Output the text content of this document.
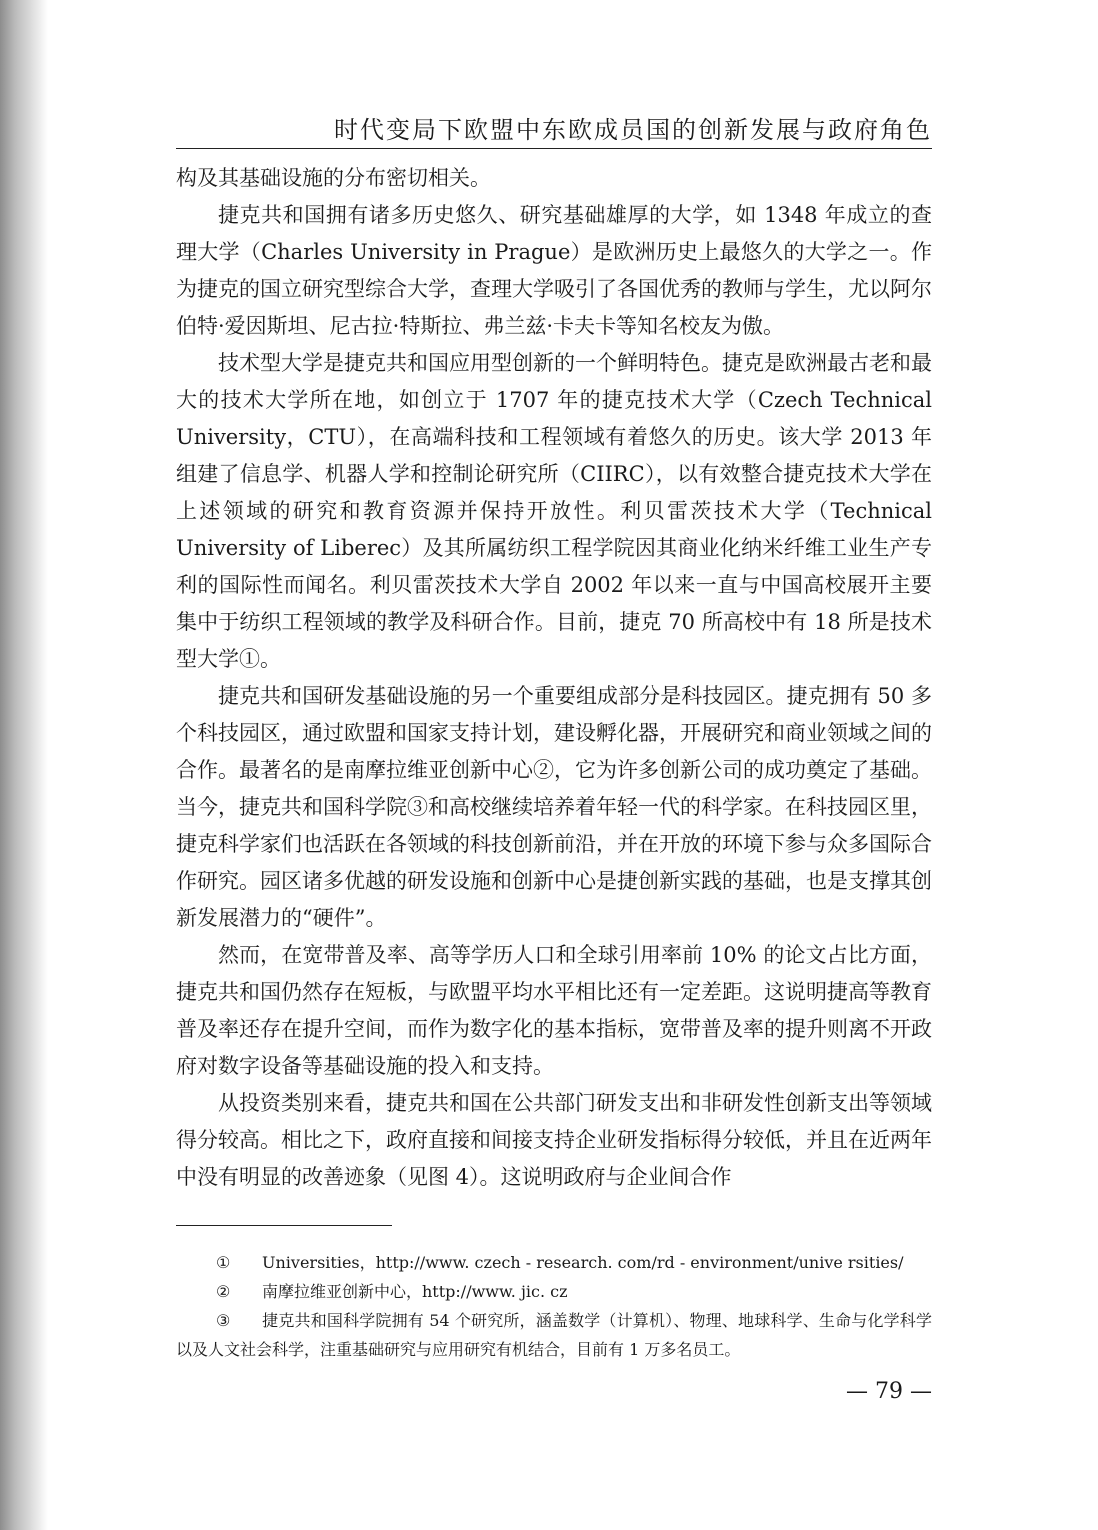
时代变局下欧盟中东欧成员国的创新发展与政府角色

构及其基础设施的分布密切相关。

捷克共和国拥有诸多历史悠久、研究基础雄厚的大学，如 1348 年成立的查理大学（Charles University in Prague）是欧洲历史上最悠久的大学之一。作为捷克的国立研究型综合大学，查理大学吸引了各国优秀的教师与学生，尤以阿尔伯特·爱因斯坦、尼古拉·特斯拉、弗兰兹·卡夫卡等知名校友为傲。

技术型大学是捷克共和国应用型创新的一个鲜明特色。捷克是欧洲最古老和最大的技术大学所在地，如创立于 1707 年的捷克技术大学（Czech Technical University，CTU），在高端科技和工程领域有着悠久的历史。该大学 2013 年组建了信息学、机器人学和控制论研究所（CIIRC），以有效整合捷克技术大学在上述领域的研究和教育资源并保持开放性。利贝雷茨技术大学（Technical University of Liberec）及其所属纺织工程学院因其商业化纳米纤维工业生产专利的国际性而闻名。利贝雷茨技术大学自 2002 年以来一直与中国高校展开主要集中于纺织工程领域的教学及科研合作。目前，捷克 70 所高校中有 18 所是技术型大学①。

捷克共和国研发基础设施的另一个重要组成部分是科技园区。捷克拥有 50 多个科技园区，通过欧盟和国家支持计划，建设孵化器，开展研究和商业领域之间的合作。最著名的是南摩拉维亚创新中心②，它为许多创新公司的成功奠定了基础。当今，捷克共和国科学院③和高校继续培养着年轻一代的科学家。在科技园区里，捷克科学家们也活跃在各领域的科技创新前沿，并在开放的环境下参与众多国际合作研究。园区诸多优越的研发设施和创新中心是捷创新实践的基础，也是支撑其创新发展潜力的“硬件”。

然而，在宽带普及率、高等学历人口和全球引用率前 10% 的论文占比方面，捷克共和国仍然存在短板，与欧盟平均水平相比还有一定差距。这说明捷高等教育普及率还存在提升空间，而作为数字化的基本指标，宽带普及率的提升则离不开政府对数字设备等基础设施的投入和支持。

从投资类别来看，捷克共和国在公共部门研发支出和非研发性创新支出等领域得分较高。相比之下，政府直接和间接支持企业研发指标得分较低，并且在近两年中没有明显的改善迹象（见图 4）。这说明政府与企业间合作

① Universities，http://www. czech - research. com/rd - environment/unive rsities/

② 南摩拉维亚创新中心，http://www. jic. cz

③ 捷克共和国科学院拥有 54 个研究所，涵盖数学（计算机）、物理、地球科学、生命与化学科学以及人文社会科学，注重基础研究与应用研究有机结合，目前有 1 万多名员工。

— 79 —
